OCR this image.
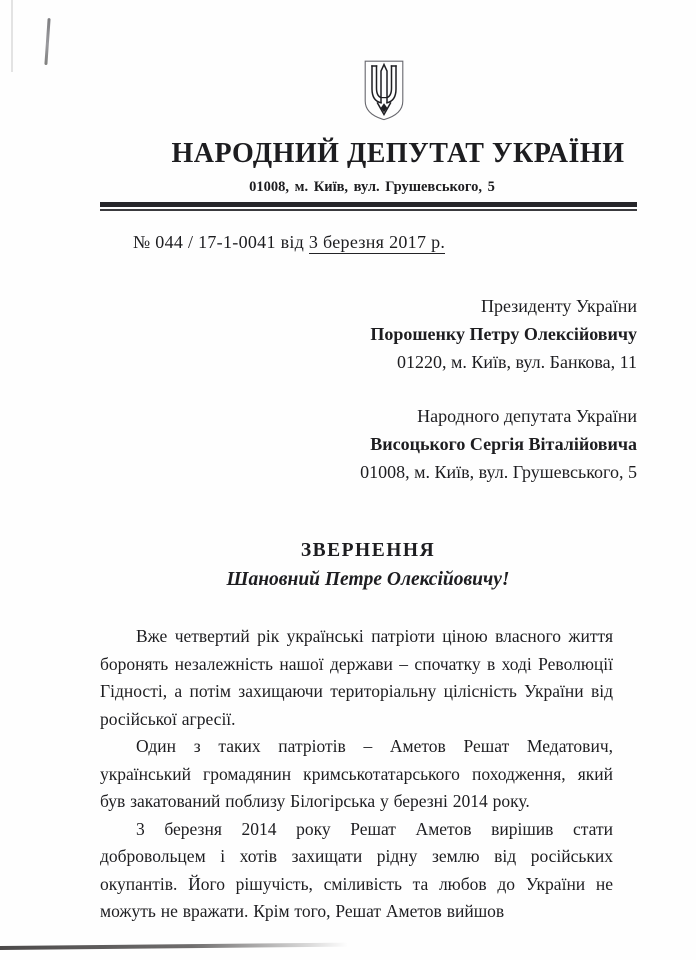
НАРОДНИЙ ДЕПУТАТ УКРАЇНИ
01008, м. Київ, вул. Грушевського, 5
№ 044 / 17-1-0041 від 3 березня 2017 р.
Президенту України
Порошенку Петру Олексійовичу
01220, м. Київ, вул. Банкова, 11
Народного депутата України
Висоцького Сергія Віталійовича
01008, м. Київ, вул. Грушевського, 5
ЗВЕРНЕННЯ
Шановний Петре Олексійовичу!

Вже четвертий рік українські патріоти ціною власного життя боронять незалежність нашої держави – спочатку в ході Революції Гідності, а потім захищаючи територіальну цілісність України від російської агресії.

Один з таких патріотів – Аметов Решат Медатович, український громадянин кримськотатарського походження, який був закатований поблизу Білогірська у березні 2014 року.

3 березня 2014 року Решат Аметов вирішив стати добровольцем і хотів захищати рідну землю від російських окупантів. Його рішучість, сміливість та любов до України не можуть не вражати. Крім того, Решат Аметов вийшов
